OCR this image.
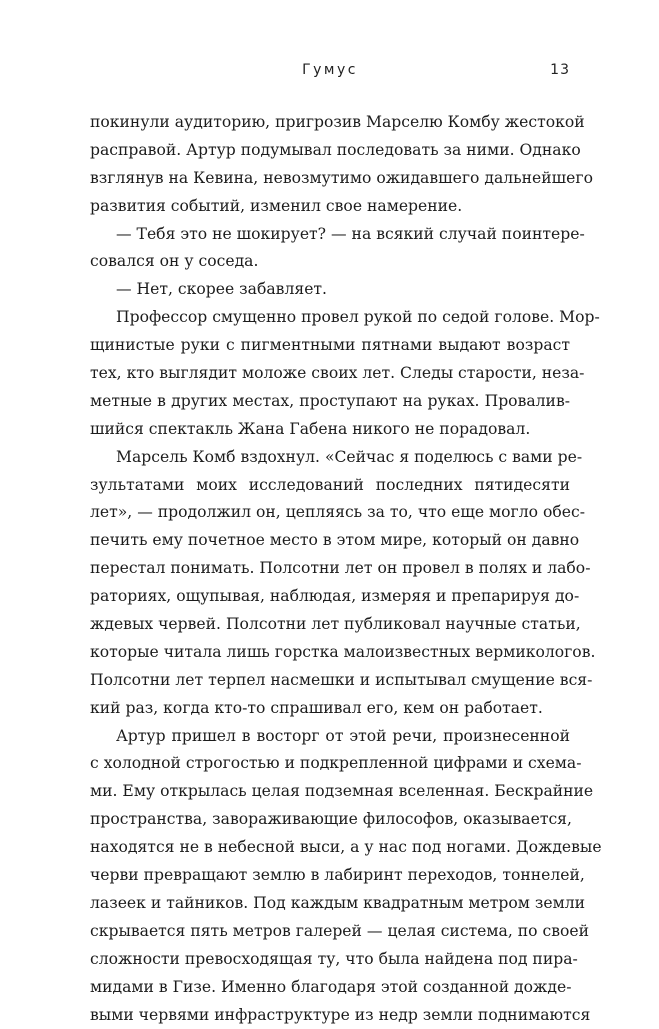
Гумус	13
покинули аудиторию, пригрозив Марселю Комбу жестокой
расправой. Артур подумывал последовать за ними. Однако
взглянув на Кевина, невозмутимо ожидавшего дальнейшего
развития событий, изменил свое намерение.
— Тебя это не шокирует? — на всякий случай поинтере-
совался он у соседа.
— Нет, скорее забавляет.
Профессор смущенно провел рукой по седой голове. Мор-
щинистые руки с пигментными пятнами выдают возраст
тех, кто выглядит моложе своих лет. Следы старости, неза-
метные в других местах, проступают на руках. Провалив-
шийся спектакль Жана Габена никого не порадовал.
Марсель Комб вздохнул. «Сейчас я поделюсь с вами ре-
зультатами моих исследований последних пятидесяти
лет», — продолжил он, цепляясь за то, что еще могло обес-
печить ему почетное место в этом мире, который он давно
перестал понимать. Полсотни лет он провел в полях и лабо-
раториях, ощупывая, наблюдая, измеряя и препарируя до-
ждевых червей. Полсотни лет публиковал научные статьи,
которые читала лишь горстка малоизвестных вермикологов.
Полсотни лет терпел насмешки и испытывал смущение вся-
кий раз, когда кто-то спрашивал его, кем он работает.
Артур пришел в восторг от этой речи, произнесенной
с холодной строгостью и подкрепленной цифрами и схема-
ми. Ему открылась целая подземная вселенная. Бескрайние
пространства, завораживающие философов, оказывается,
находятся не в небесной выси, а у нас под ногами. Дождевые
черви превращают землю в лабиринт переходов, тоннелей,
лазеек и тайников. Под каждым квадратным метром земли
скрывается пять метров галерей — целая система, по своей
сложности превосходящая ту, что была найдена под пира-
мидами в Гизе. Именно благодаря этой созданной дожде-
выми червями инфраструктуре из недр земли поднимаются
